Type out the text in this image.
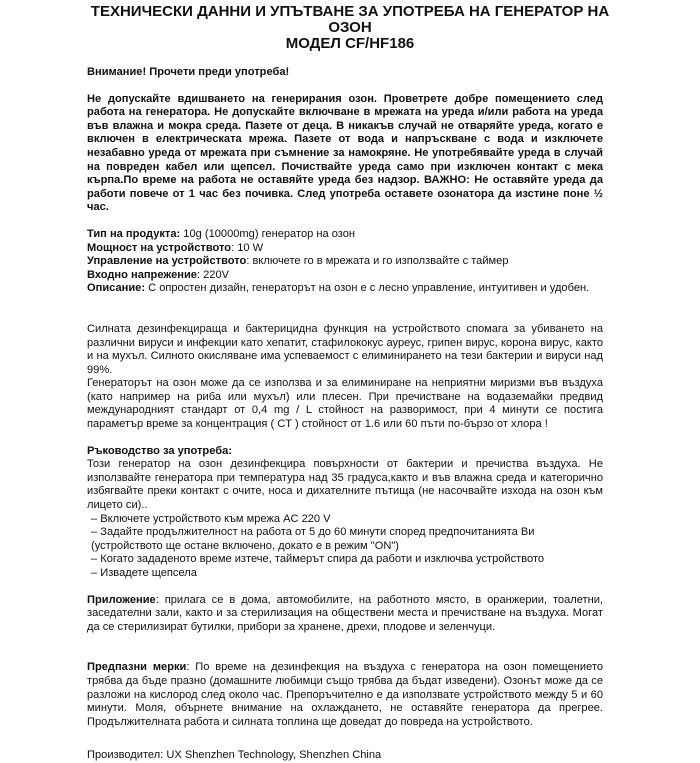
ТЕХНИЧЕСКИ ДАННИ И УПЪТВАНЕ ЗА УПОТРЕБА НА ГЕНЕРАТОР НА
ОЗОН
МОДЕЛ CF/HF186

Внимание! Прочети преди употреба!

Не допускайте вдишването на генерирания озон. Проветрете добре помещението след работа на генератора. Не допускайте включване в мрежата на уреда и/или работа на уреда във влажна и мокра среда. Пазете от деца. В никакъв случай не отваряйте уреда, когато е включен в електрическата мрежа. Пазете от вода и напръскване с вода и изключете незабавно уреда от мрежата при съмнение за намокряне. Не употребявайте уреда в случай на повреден кабел или щепсел. Почиствайте уреда само при изключен контакт с мека кърпа.По време на работа не оставяйте уреда без надзор. ВАЖНО: Не оставяйте уреда да работи повече от 1 час без почивка. След употреба оставете озонатора да изстине поне ½ час.

Тип на продукта: 10g (10000mg) генератор на озон

Мощност на устройството: 10 W

Управление на устройството: включете го в мрежата и го използвайте с таймер

Входно напрежение: 220V

Описание: С опростен дизайн, генераторът на озон е с лесно управление, интуитивен и удобен.

Силната дезинфекцираща и бактерицидна функция на устройството спомага за убиването на различни вируси и инфекции като хепатит, стафилококус ауреус, грипен вирус, корона вирус, както и на мухъл. Силното окисляване има успеваемост с елиминирането на тези бактерии и вируси над 99%.

Генераторът на озон може да се използва и за елиминиране на неприятни миризми във въздуха (като например на риба или мухъл) или плесен. При пречистване на водаземайки предвид международният стандарт от 0,4 mg / L стойност на разворимост, при 4 минути се постига параметър време за концентрация ( CT ) стойност от 1.6 или 60 пъти по-бързо от хлора !

Ръководство за употреба:

Този генератор на озон дезинфекцира повърхности от бактерии и пречиства въздуха. Не използвайте генератора при температура над 35 градуса,както и във влажна среда и категорично избягвайте преки контакт с очите, носа и дихателните пътища (не насочвайте изхода на озон към лицето си)..

– Включете устройството към мрежа AC 220 V

– Задайте продължителност на работа от 5 до 60 минути според предпочитанията Ви (устройството ще остане включено, докато е в режим "ON")

– Когато зададеното време изтече, таймерът спира да работи и изключва устройството

– Извадете щепсела

Приложение: прилага се в дома, автомобилите, на работното място, в оранжерии, тоалетни, заседателни зали, както и за стерилизация на обществени места и пречистване на въздуха. Могат да се стерилизират бутилки, прибори за хранене, дрехи, плодове и зеленчуци.

Предпазни мерки: По време на дезинфекция на въздуха с генератора на озон помещението трябва да бъде празно (домашните любимци също трябва да бъдат изведени). Озонът може да се разложи на кислород след около час. Препоръчително е да използвате устройството между 5 и 60 минути. Моля, обърнете внимание на охлаждането, не оставяйте генератора да прегрее. Продължителната работа и силната топлина ще доведат до повреда на устройството.

Производител: UX Shenzhen Technology, Shenzhen China
